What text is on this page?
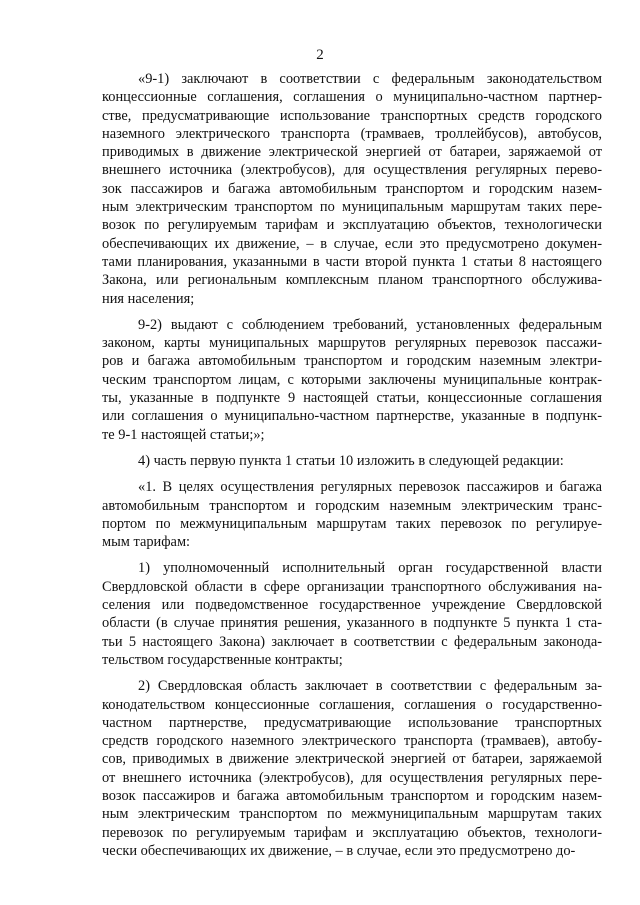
2
«9-1) заключают в соответствии с федеральным законодательством
концессионные соглашения, соглашения о муниципально-частном партнер-
стве, предусматривающие использование транспортных средств городского
наземного электрического транспорта (трамваев, троллейбусов), автобусов,
приводимых в движение электрической энергией от батареи, заряжаемой от
внешнего источника (электробусов), для осуществления регулярных перево-
зок пассажиров и багажа автомобильным транспортом и городским назем-
ным электрическим транспортом по муниципальным маршрутам таких пере-
возок по регулируемым тарифам и эксплуатацию объектов, технологически
обеспечивающих их движение, – в случае, если это предусмотрено докумен-
тами планирования, указанными в части второй пункта 1 статьи 8 настоящего
Закона, или региональным комплексным планом транспортного обслужива-
ния населения;
9-2) выдают с соблюдением требований, установленных федеральным
законом, карты муниципальных маршрутов регулярных перевозок пассажи-
ров и багажа автомобильным транспортом и городским наземным электри-
ческим транспортом лицам, с которыми заключены муниципальные контрак-
ты, указанные в подпункте 9 настоящей статьи, концессионные соглашения
или соглашения о муниципально-частном партнерстве, указанные в подпунк-
те 9-1 настоящей статьи;»;
4) часть первую пункта 1 статьи 10 изложить в следующей редакции:
«1. В целях осуществления регулярных перевозок пассажиров и багажа
автомобильным транспортом и городским наземным электрическим транс-
портом по межмуниципальным маршрутам таких перевозок по регулируе-
мым тарифам:
1) уполномоченный исполнительный орган государственной власти
Свердловской области в сфере организации транспортного обслуживания на-
селения или подведомственное государственное учреждение Свердловской
области (в случае принятия решения, указанного в подпункте 5 пункта 1 ста-
тьи 5 настоящего Закона) заключает в соответствии с федеральным законода-
тельством государственные контракты;
2) Свердловская область заключает в соответствии с федеральным за-
конодательством концессионные соглашения, соглашения о государственно-
частном партнерстве, предусматривающие использование транспортных
средств городского наземного электрического транспорта (трамваев), автобу-
сов, приводимых в движение электрической энергией от батареи, заряжаемой
от внешнего источника (электробусов), для осуществления регулярных пере-
возок пассажиров и багажа автомобильным транспортом и городским назем-
ным электрическим транспортом по межмуниципальным маршрутам таких
перевозок по регулируемым тарифам и эксплуатацию объектов, технологи-
чески обеспечивающих их движение, – в случае, если это предусмотрено до-
